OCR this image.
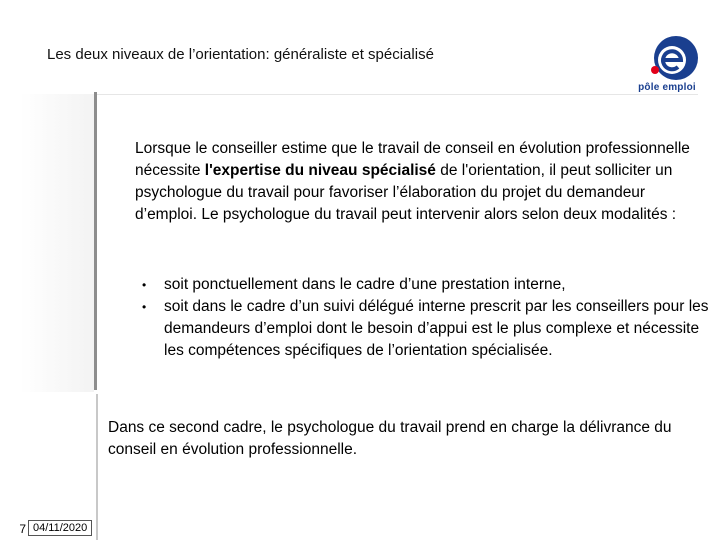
Les deux niveaux de l’orientation: généraliste et spécialisé
pôle emploi
Lorsque le conseiller estime que le travail de conseil en évolution professionnelle nécessite l'expertise du niveau spécialisé de l'orientation, il peut solliciter un psychologue du travail pour favoriser l’élaboration du projet du demandeur d’emploi. Le psychologue du travail peut intervenir alors selon deux modalités :
• soit ponctuellement dans le cadre d’une prestation interne,
• soit dans le cadre d’un suivi délégué interne prescrit par les conseillers pour les demandeurs d’emploi dont le besoin d’appui est le plus complexe et nécessite les compétences spécifiques de l’orientation spécialisée.
Dans ce second cadre, le psychologue du travail prend en charge la délivrance du conseil en évolution professionnelle.
7 04/11/2020
